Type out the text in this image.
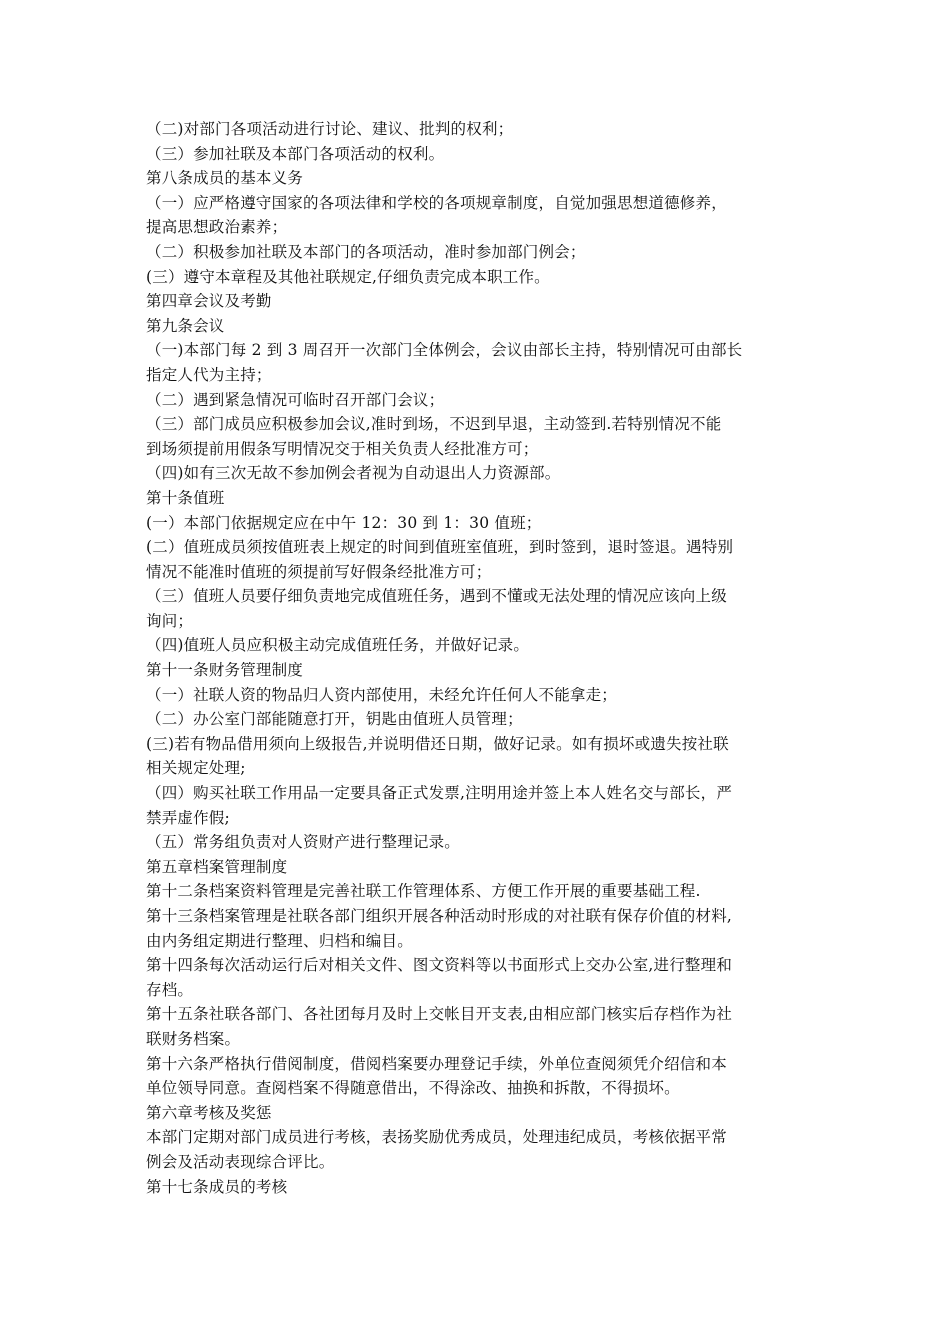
（二)对部门各项活动进行讨论、建议、批判的权利；

（三）参加社联及本部门各项活动的权利。

第八条成员的基本义务

（一）应严格遵守国家的各项法律和学校的各项规章制度，自觉加强思想道德修养，

提高思想政治素养；

（二）积极参加社联及本部门的各项活动，准时参加部门例会；

(三）遵守本章程及其他社联规定,仔细负责完成本职工作。

第四章会议及考勤

第九条会议

（一)本部门每 2 到 3 周召开一次部门全体例会，会议由部长主持，特别情况可由部长

指定人代为主持；

（二）遇到紧急情况可临时召开部门会议；

（三）部门成员应积极参加会议,准时到场，不迟到早退，主动签到.若特别情况不能

到场须提前用假条写明情况交于相关负责人经批准方可；

（四)如有三次无故不参加例会者视为自动退出人力资源部。

第十条值班

(一）本部门依据规定应在中午 12：30 到 1：30 值班；

(二）值班成员须按值班表上规定的时间到值班室值班，到时签到，退时签退。遇特别

情况不能准时值班的须提前写好假条经批准方可；

（三）值班人员要仔细负责地完成值班任务，遇到不懂或无法处理的情况应该向上级

询问；

（四)值班人员应积极主动完成值班任务，并做好记录。

第十一条财务管理制度

（一）社联人资的物品归人资内部使用，未经允许任何人不能拿走；

（二）办公室门部能随意打开，钥匙由值班人员管理；

(三)若有物品借用须向上级报告,并说明借还日期，做好记录。如有损坏或遗失按社联

相关规定处理;

（四）购买社联工作用品一定要具备正式发票,注明用途并签上本人姓名交与部长，严

禁弄虚作假;

（五）常务组负责对人资财产进行整理记录。

第五章档案管理制度

第十二条档案资料管理是完善社联工作管理体系、方便工作开展的重要基础工程.

第十三条档案管理是社联各部门组织开展各种活动时形成的对社联有保存价值的材料,

由内务组定期进行整理、归档和编目。

第十四条每次活动运行后对相关文件、图文资料等以书面形式上交办公室,进行整理和

存档。

第十五条社联各部门、各社团每月及时上交帐目开支表,由相应部门核实后存档作为社

联财务档案。

第十六条严格执行借阅制度，借阅档案要办理登记手续，外单位查阅须凭介绍信和本

单位领导同意。查阅档案不得随意借出，不得涂改、抽换和拆散，不得损坏。

第六章考核及奖惩

本部门定期对部门成员进行考核，表扬奖励优秀成员，处理违纪成员，考核依据平常

例会及活动表现综合评比。

第十七条成员的考核
